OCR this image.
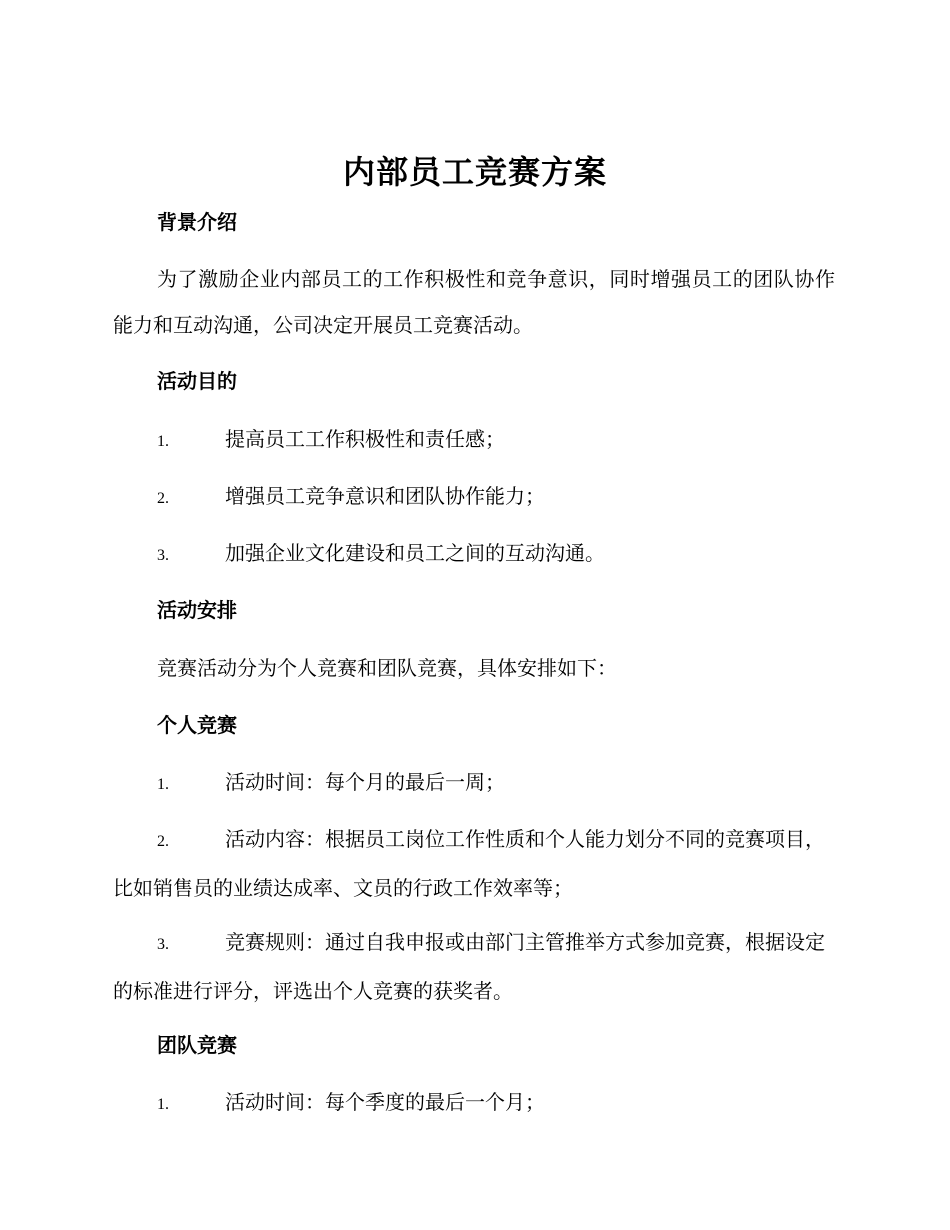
内部员工竞赛方案
背景介绍
为了激励企业内部员工的工作积极性和竞争意识，同时增强员工的团队协作能力和互动沟通，公司决定开展员工竞赛活动。
活动目的
1.	提高员工工作积极性和责任感；
2.	增强员工竞争意识和团队协作能力；
3.	加强企业文化建设和员工之间的互动沟通。
活动安排
竞赛活动分为个人竞赛和团队竞赛，具体安排如下：
个人竞赛
1.	活动时间：每个月的最后一周；
2.	活动内容：根据员工岗位工作性质和个人能力划分不同的竞赛项目，比如销售员的业绩达成率、文员的行政工作效率等；
3.	竞赛规则：通过自我申报或由部门主管推举方式参加竞赛，根据设定的标准进行评分，评选出个人竞赛的获奖者。
团队竞赛
1.	活动时间：每个季度的最后一个月；
